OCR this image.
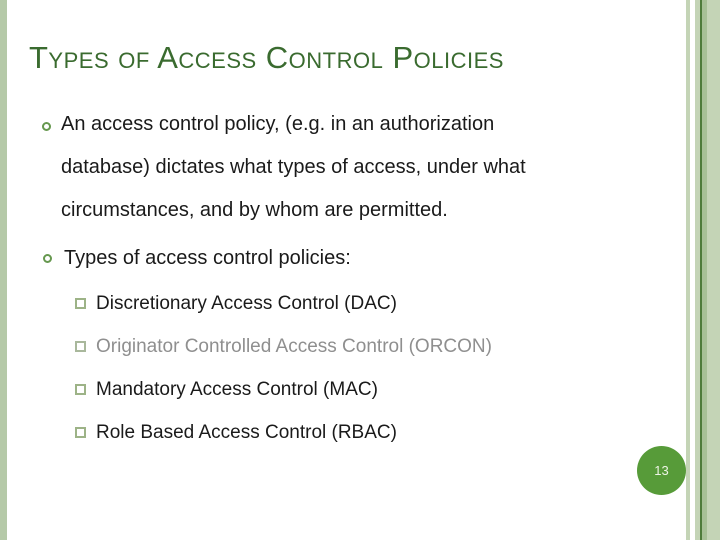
Types of Access Control Policies
An access control policy, (e.g. in an authorization
database) dictates what types of access, under what
circumstances, and by whom are permitted.
Types of access control policies:
Discretionary Access Control (DAC)
Originator Controlled Access Control (ORCON)
Mandatory Access Control (MAC)
Role Based Access Control (RBAC)
13
